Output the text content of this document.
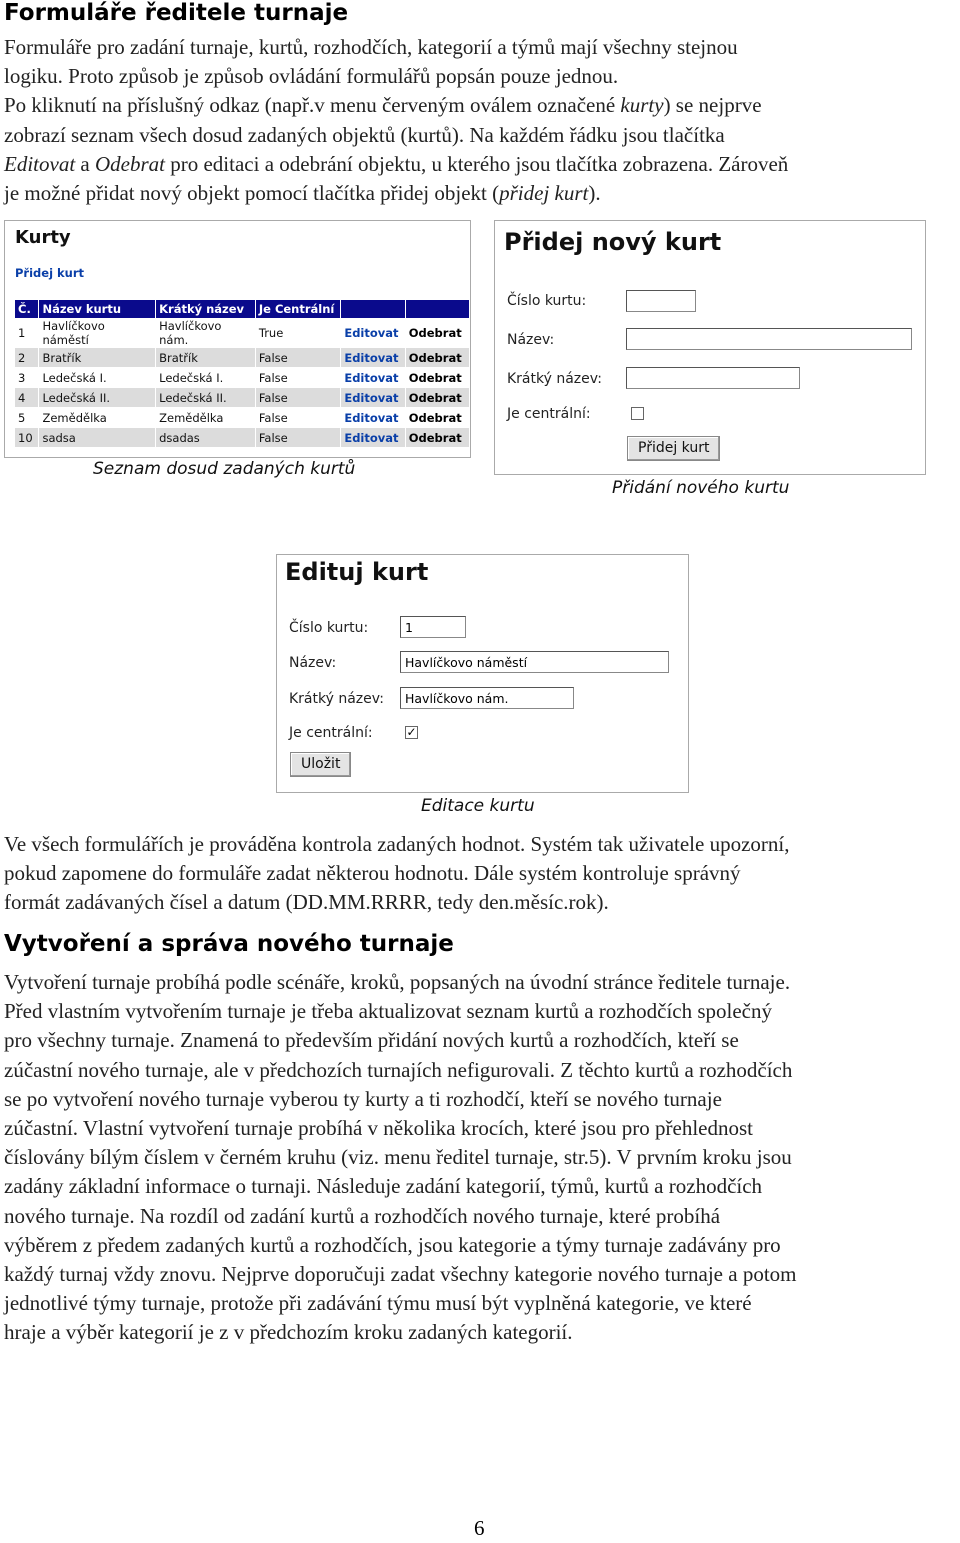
Formuláře ředitele turnaje
Formuláře pro zadání turnaje, kurtů, rozhodčích, kategorií a týmů mají všechny stejnou
logiku. Proto způsob je způsob ovládání formulářů popsán pouze jednou.
Po kliknutí na příslušný odkaz (např.v menu červeným oválem označené kurty) se nejprve
zobrazí seznam všech dosud zadaných objektů (kurtů). Na každém řádku jsou tlačítka
Editovat a Odebrat pro editaci a odebrání objektu, u kterého jsou tlačítka zobrazena. Zároveň
je možné přidat nový objekt pomocí tlačítka přidej objekt (přidej kurt).
Kurty
Přidej kurt
Č.	Název kurtu	Krátký název	Je Centrální		
1	Havlíčkovo náměstí	Havlíčkovo nám.	True	Editovat	Odebrat
2	Bratřík	Bratřík	False	Editovat	Odebrat
3	Ledečská I.	Ledečská I.	False	Editovat	Odebrat
4	Ledečská II.	Ledečská II.	False	Editovat	Odebrat
5	Zemědělka	Zemědělka	False	Editovat	Odebrat
10	sadsa	dsadas	False	Editovat	Odebrat
Seznam dosud zadaných kurtů
Přidej nový kurt
Číslo kurtu:
Název:
Krátký název:
Je centrální:
Přidej kurt
Přidání nového kurtu
Edituj kurt
Číslo kurtu:	1
Název:	Havlíčkovo náměstí
Krátký název:	Havlíčkovo nám.
Je centrální:	✓
Uložit
Editace kurtu
Ve všech formulářích je prováděna kontrola zadaných hodnot. Systém tak uživatele upozorní,
pokud zapomene do formuláře zadat některou hodnotu. Dále systém kontroluje správný
formát zadávaných čísel a datum (DD.MM.RRRR, tedy den.měsíc.rok).
Vytvoření a správa nového turnaje
Vytvoření turnaje probíhá podle scénáře, kroků, popsaných na úvodní stránce ředitele turnaje.
Před vlastním vytvořením turnaje je třeba aktualizovat seznam kurtů a rozhodčích společný
pro všechny turnaje. Znamená to především přidání nových kurtů a rozhodčích, kteří se
zúčastní nového turnaje, ale v předchozích turnajích nefigurovali. Z těchto kurtů a rozhodčích
se po vytvoření nového turnaje vyberou ty kurty a ti rozhodčí, kteří se nového turnaje
zúčastní. Vlastní vytvoření turnaje probíhá v několika krocích, které jsou pro přehlednost
číslovány bílým číslem v černém kruhu (viz. menu ředitel turnaje, str.5). V prvním kroku jsou
zadány základní informace o turnaji. Následuje zadání kategorií, týmů, kurtů a rozhodčích
nového turnaje. Na rozdíl od zadání kurtů a rozhodčích nového turnaje, které probíhá
výběrem z předem zadaných kurtů a rozhodčích, jsou kategorie a týmy turnaje zadávány pro
každý turnaj vždy znovu. Nejprve doporučuji zadat všechny kategorie nového turnaje a potom
jednotlivé týmy turnaje, protože při zadávání týmu musí být vyplněná kategorie, ve které
hraje a výběr kategorií je z v předchozím kroku zadaných kategorií.
6
